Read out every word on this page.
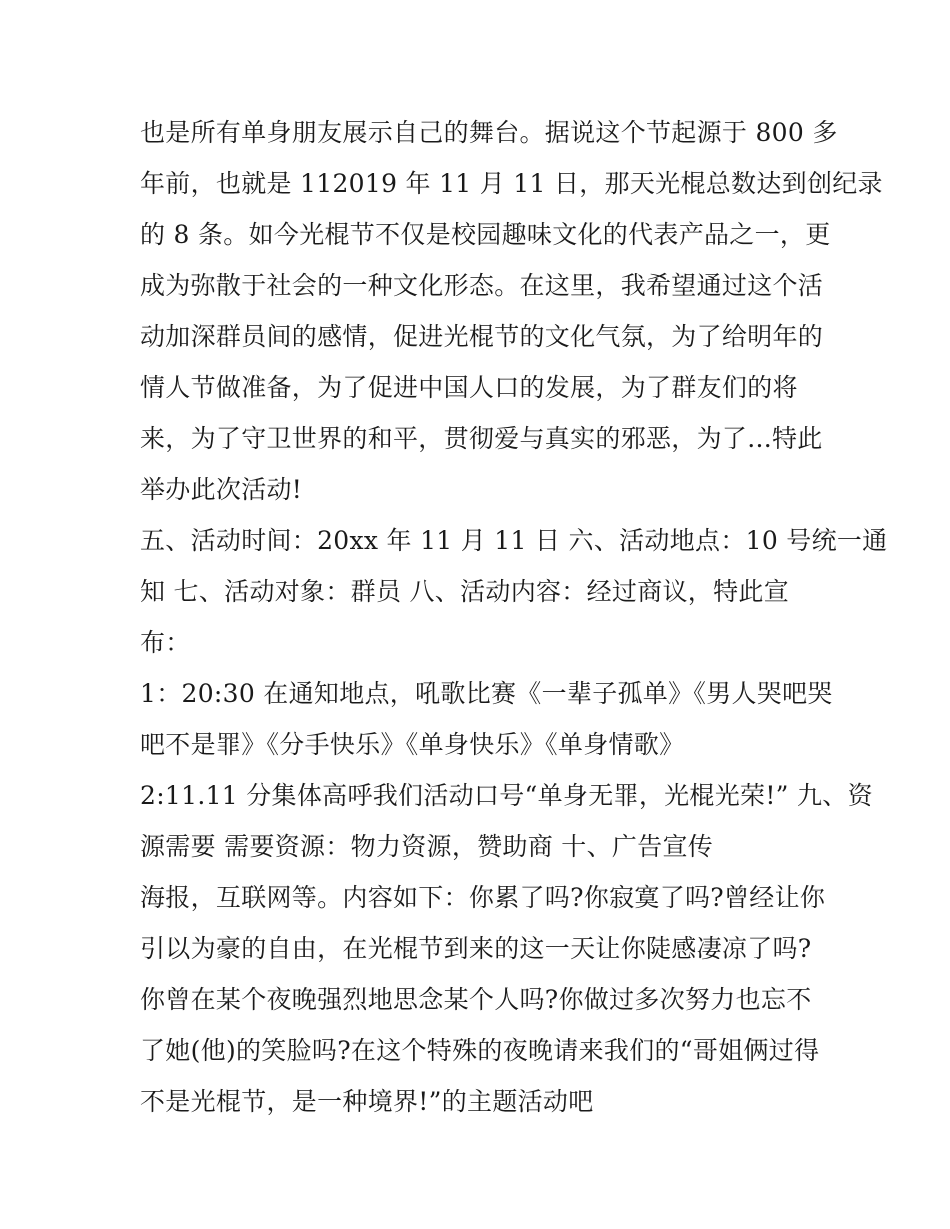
也是所有单身朋友展示自己的舞台。据说这个节起源于 800 多
年前，也就是 112019 年 11 月 11 日，那天光棍总数达到创纪录
的 8 条。如今光棍节不仅是校园趣味文化的代表产品之一，更
成为弥散于社会的一种文化形态。在这里，我希望通过这个活
动加深群员间的感情，促进光棍节的文化气氛，为了给明年的
情人节做准备，为了促进中国人口的发展，为了群友们的将
来，为了守卫世界的和平，贯彻爱与真实的邪恶，为了...特此
举办此次活动!
五、活动时间：20xx 年 11 月 11 日 六、活动地点：10 号统一通
知 七、活动对象：群员 八、活动内容：经过商议，特此宣
布：
1：20:30 在通知地点，吼歌比赛《一辈子孤单》《男人哭吧哭
吧不是罪》《分手快乐》《单身快乐》《单身情歌》
2:11.11 分集体高呼我们活动口号“单身无罪，光棍光荣!” 九、资
源需要 需要资源：物力资源，赞助商 十、广告宣传
海报，互联网等。内容如下：你累了吗?你寂寞了吗?曾经让你
引以为豪的自由，在光棍节到来的这一天让你陡感凄凉了吗?
你曾在某个夜晚强烈地思念某个人吗?你做过多次努力也忘不
了她(他)的笑脸吗?在这个特殊的夜晚请来我们的“哥姐俩过得
不是光棍节，是一种境界!”的主题活动吧
